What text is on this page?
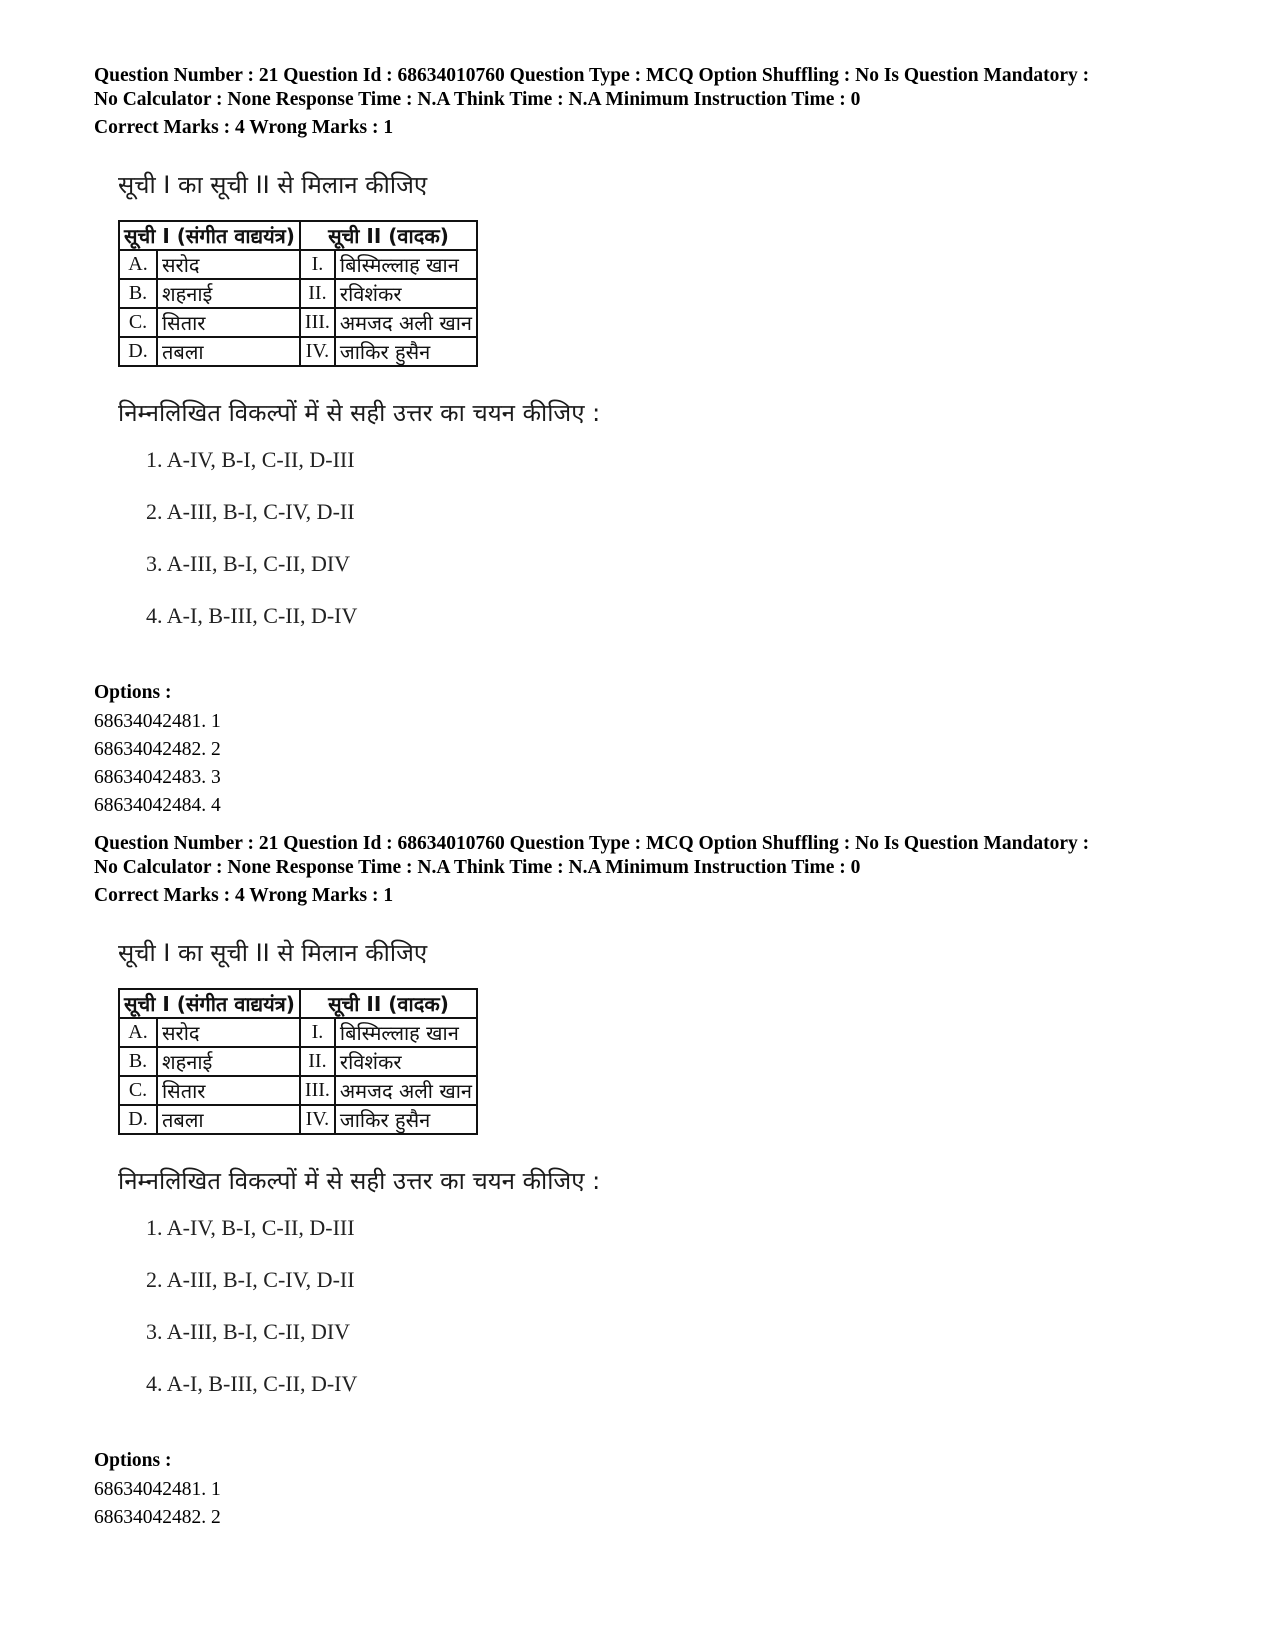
Question Number : 21 Question Id : 68634010760 Question Type : MCQ Option Shuffling : No Is Question Mandatory :
No Calculator : None Response Time : N.A Think Time : N.A Minimum Instruction Time : 0
Correct Marks : 4 Wrong Marks : 1
सूची I का सूची II से मिलान कीजिए
सूची I (संगीत वाद्ययंत्र)		सूची II (वादक)	
A.	सरोद	I.	बिस्मिल्लाह खान
B.	शहनाई	II.	रविशंकर
C.	सितार	III.	अमजद अली खान
D.	तबला	IV.	जाकिर हुसैन
निम्नलिखित विकल्पों में से सही उत्तर का चयन कीजिए :
1. A-IV, B-I, C-II, D-III
2. A-III, B-I, C-IV, D-II
3. A-III, B-I, C-II, DIV
4. A-I, B-III, C-II, D-IV
Options :
68634042481. 1
68634042482. 2
68634042483. 3
68634042484. 4
Question Number : 21 Question Id : 68634010760 Question Type : MCQ Option Shuffling : No Is Question Mandatory :
No Calculator : None Response Time : N.A Think Time : N.A Minimum Instruction Time : 0
Correct Marks : 4 Wrong Marks : 1
सूची I का सूची II से मिलान कीजिए
सूची I (संगीत वाद्ययंत्र)		सूची II (वादक)	
A.	सरोद	I.	बिस्मिल्लाह खान
B.	शहनाई	II.	रविशंकर
C.	सितार	III.	अमजद अली खान
D.	तबला	IV.	जाकिर हुसैन
निम्नलिखित विकल्पों में से सही उत्तर का चयन कीजिए :
1. A-IV, B-I, C-II, D-III
2. A-III, B-I, C-IV, D-II
3. A-III, B-I, C-II, DIV
4. A-I, B-III, C-II, D-IV
Options :
68634042481. 1
68634042482. 2
